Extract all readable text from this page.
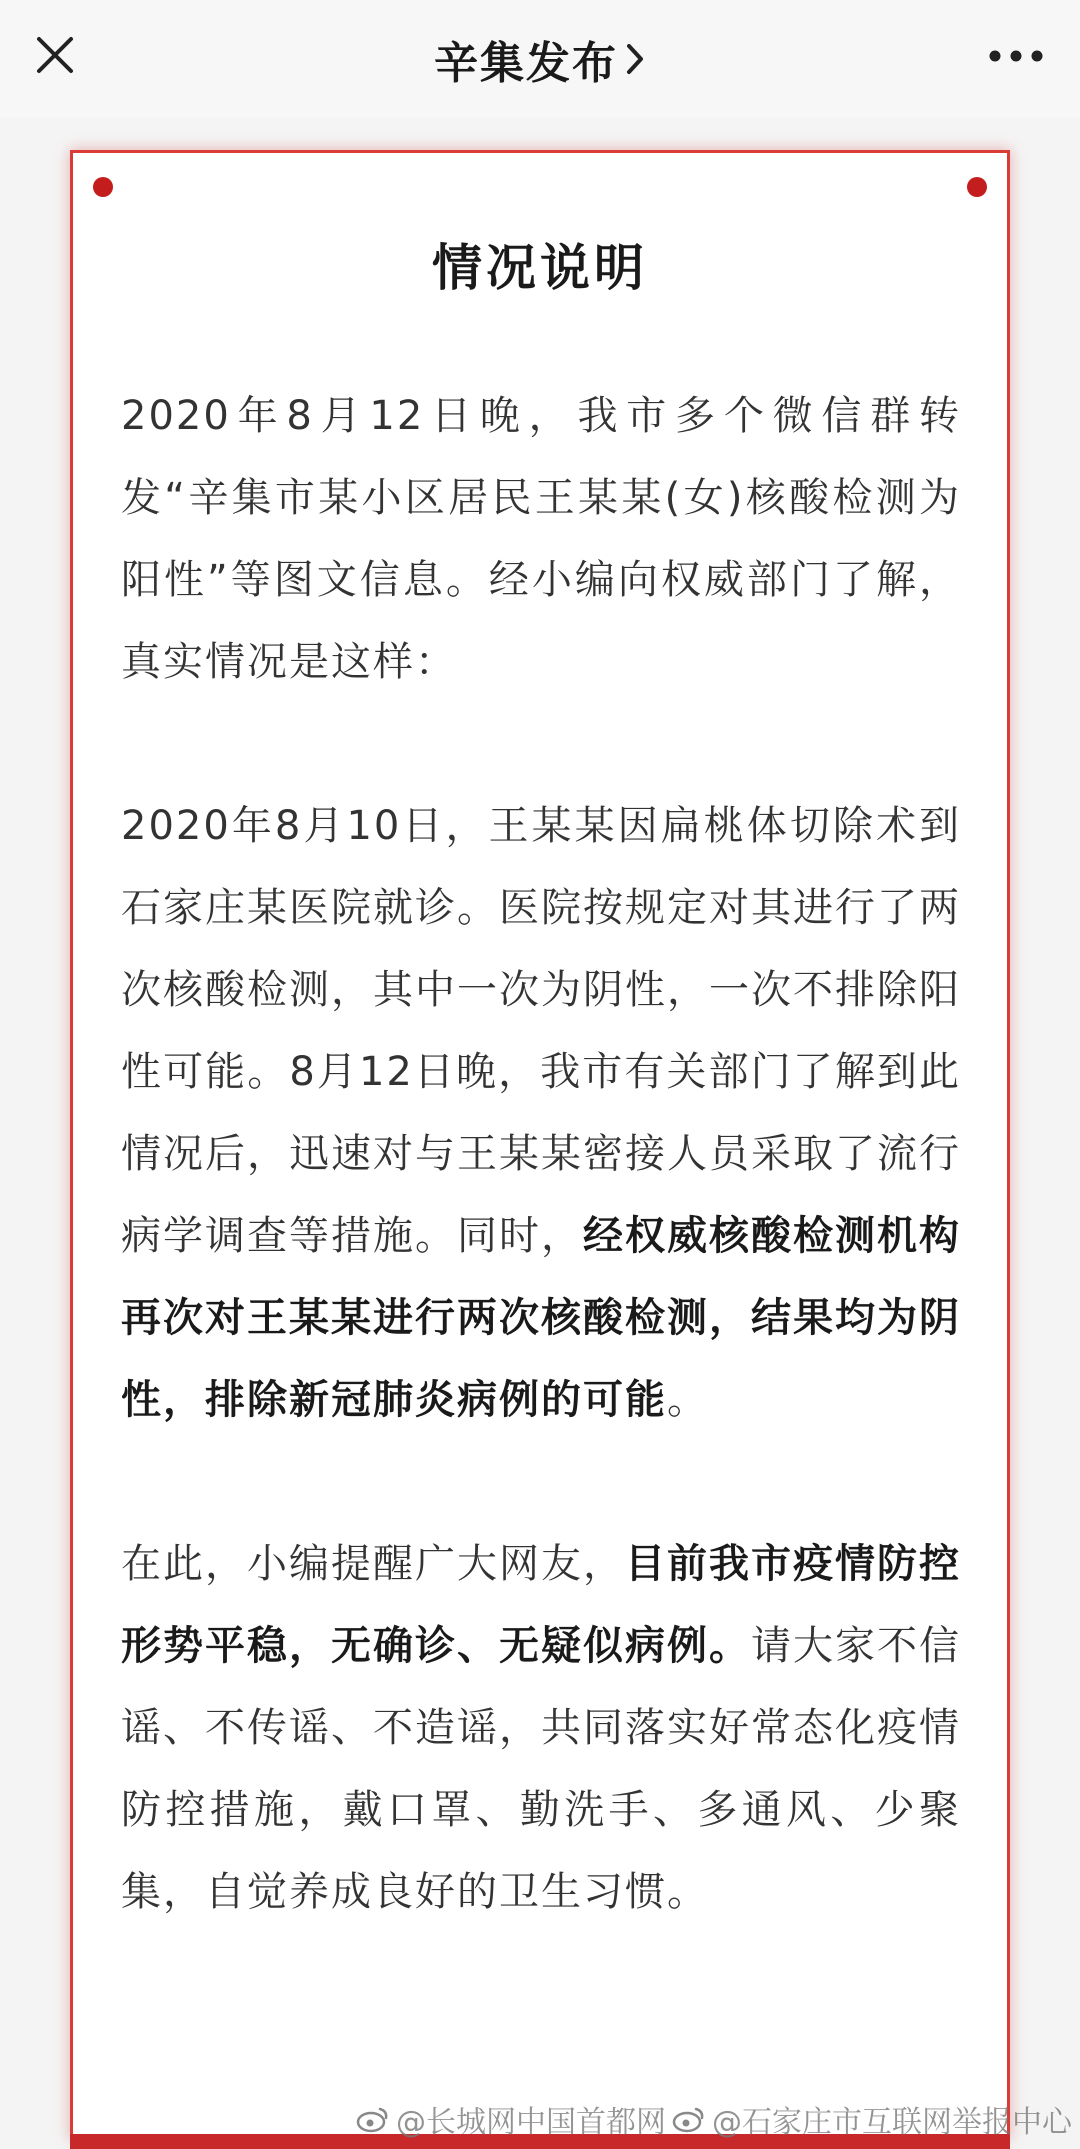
辛集发布
情况说明

2020年8月12日晚，我市多个微信群转发“辛集市某小区居民王某某(女)核酸检测为阳性”等图文信息。经小编向权威部门了解，真实情况是这样：

2020年8月10日，王某某因扁桃体切除术到石家庄某医院就诊。医院按规定对其进行了两次核酸检测，其中一次为阴性，一次不排除阳性可能。8月12日晚，我市有关部门了解到此情况后，迅速对与王某某密接人员采取了流行病学调查等措施。同时，经权威核酸检测机构再次对王某某进行两次核酸检测，结果均为阴性，排除新冠肺炎病例的可能。

在此，小编提醒广大网友，目前我市疫情防控形势平稳，无确诊、无疑似病例。请大家不信谣、不传谣、不造谣，共同落实好常态化疫情防控措施，戴口罩、勤洗手、多通风、少聚集，自觉养成良好的卫生习惯。

@长城网中国首都网 @石家庄市互联网举报中心
